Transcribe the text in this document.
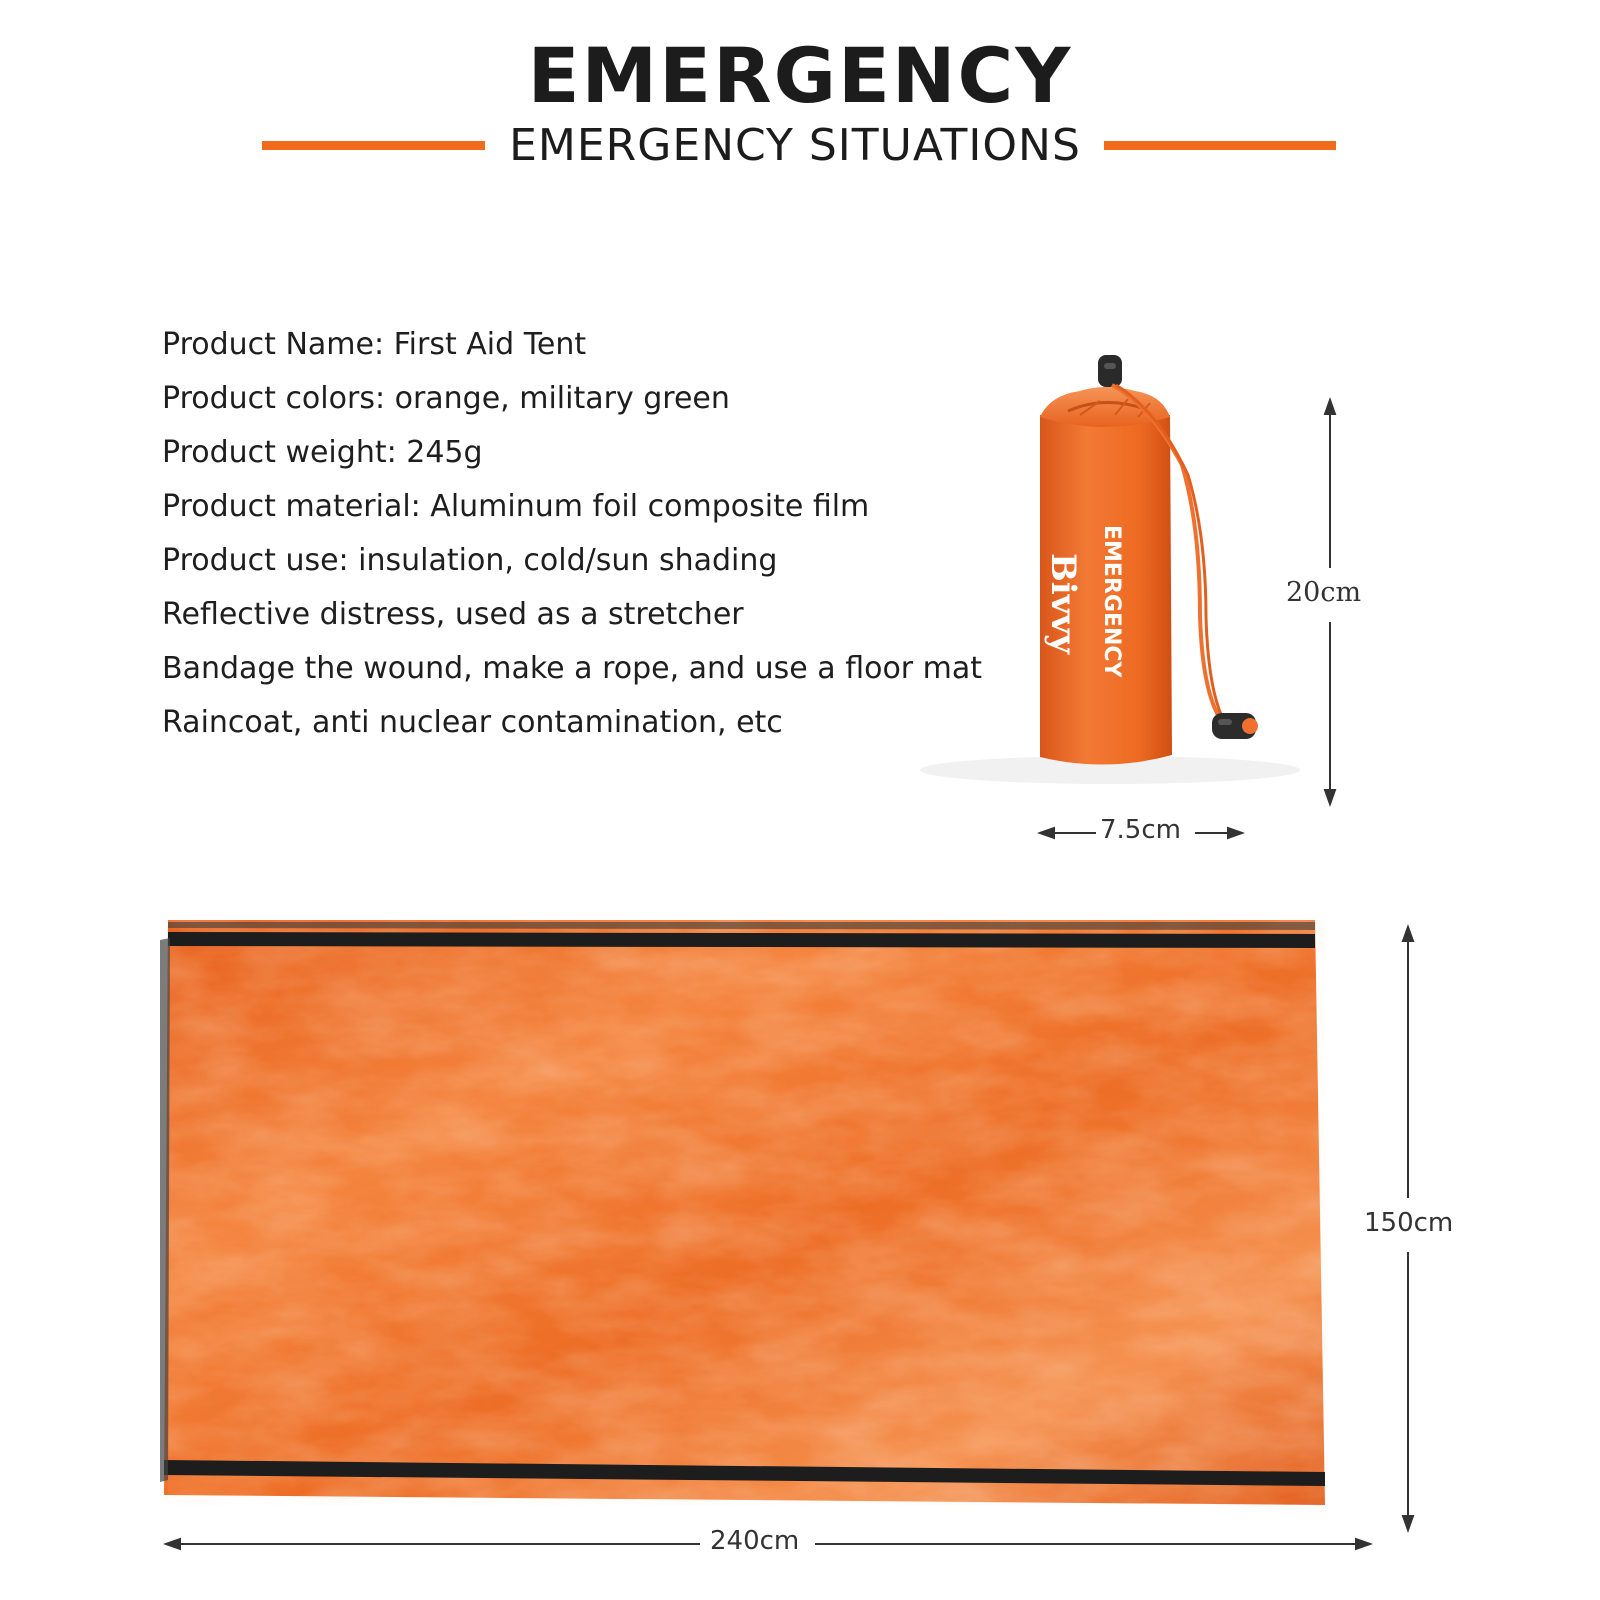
EMERGENCY
EMERGENCY SITUATIONS
Product Name: First Aid Tent
Product colors: orange, military green
Product weight: 245g
Product material: Aluminum foil composite film
Product use: insulation, cold/sun shading
Reflective distress, used as a stretcher
Bandage the wound, make a rope, and use a floor mat
Raincoat, anti nuclear contamination, etc
EMERGENCY
Bivvy
for outdoor survival use	20cm
7.5cm
150cm
240cm
